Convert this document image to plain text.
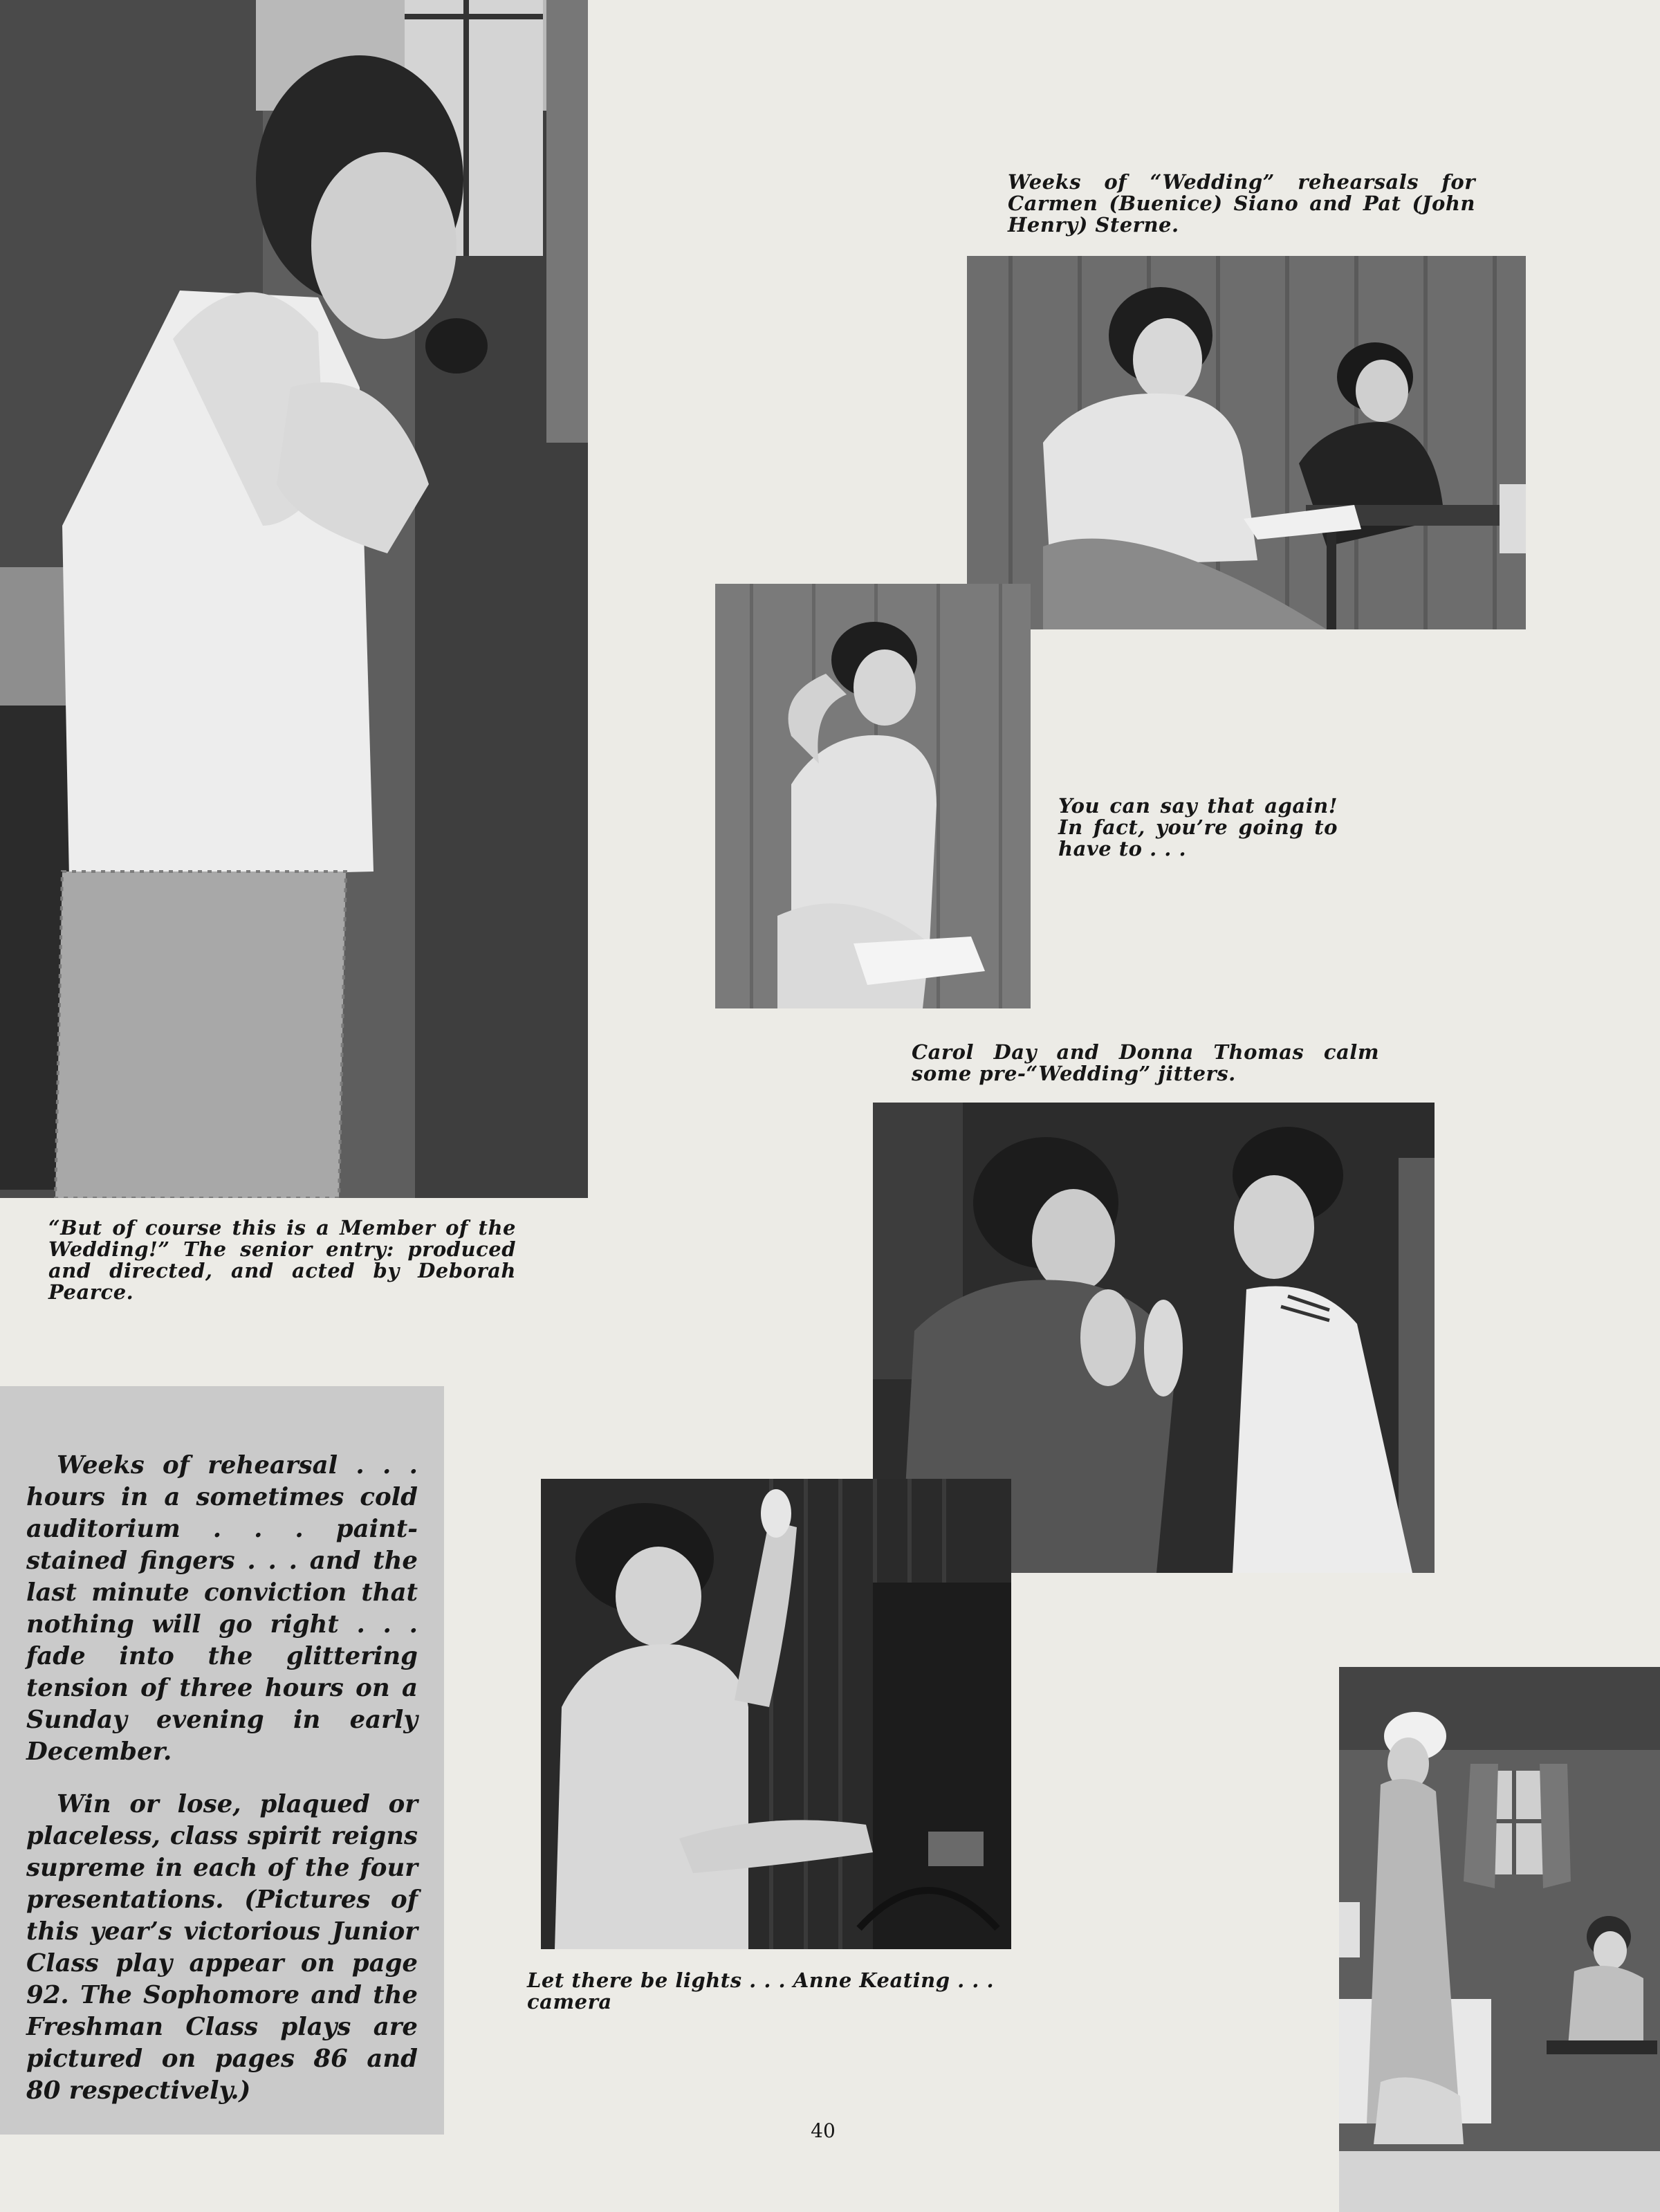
“But of course this is a Member of the Wedding!” The senior entry: produced and directed, and acted by Deborah Pearce.

Weeks of “Wedding” rehearsals for Carmen (Buenice) Siano and Pat (John Henry) Sterne.

You can say that again! In fact, you’re going to have to . . .

Carol Day and Donna Thomas calm some pre-“Wedding” jitters.

Weeks of rehearsal . . . hours in a sometimes cold auditorium . . . paint-stained fingers . . . and the last minute conviction that nothing will go right . . . fade into the glittering tension of three hours on a Sunday evening in early December.

Win or lose, plaqued or placeless, class spirit reigns supreme in each of the four presentations. (Pictures of this year’s victorious Junior Class play appear on page 92. The Sophomore and the Freshman Class plays are pictured on pages 86 and 80 respectively.)

Let there be lights . . . Anne Keating . . . camera

40
